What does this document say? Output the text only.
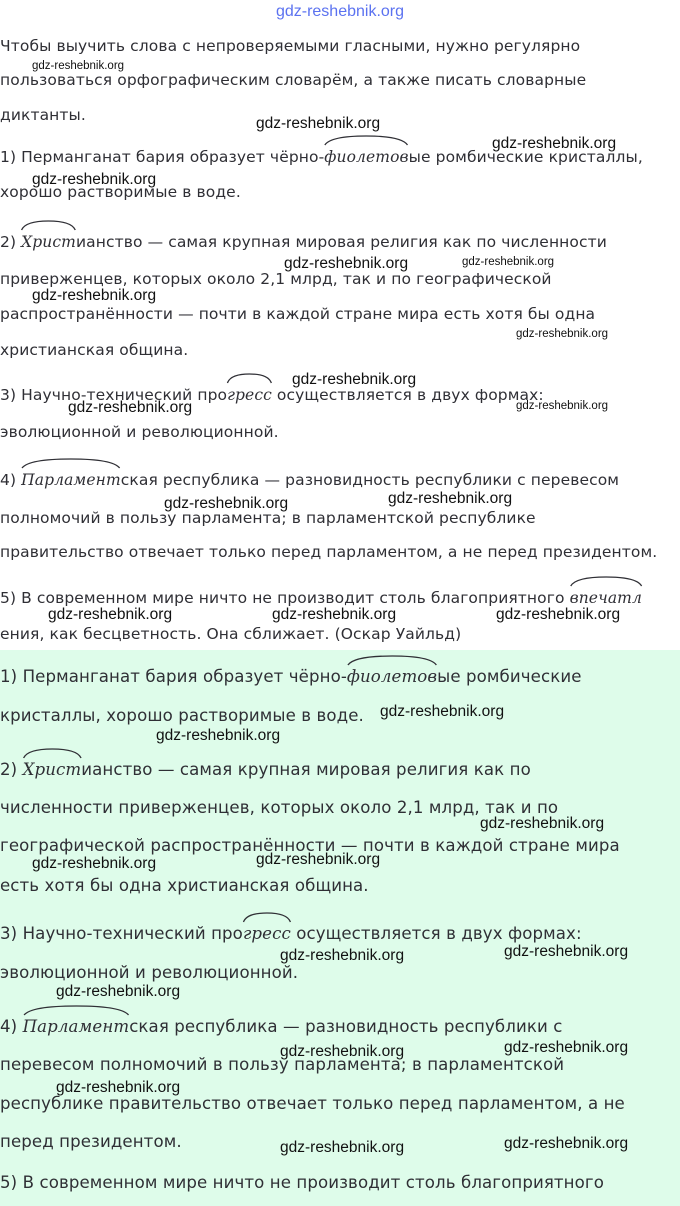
gdz-reshebnik.org
Чтобы выучить слова с непроверяемыми гласными, нужно регулярно
пользоваться орфографическим словарём, а также писать словарные
диктанты.
1) Перманганат бария образует чёрно-
фиолетовые ромбические кристаллы,
хорошо растворимые в воде.
2) Христианство — самая крупная мировая религия как по численности
приверженцев, которых около 2,1 млрд, так и по географической
распространённости — почти в каждой стране мира есть хотя бы одна
христианская община.
3) Научно-технический про
гресс осуществляется в двух формах:
эволюционной и революционной.
4) Парламентская республика — разновидность республики с перевесом
полномочий в пользу парламента; в парламентской республике
правительство отвечает только перед парламентом, а не перед президентом.
5) В современном мире ничто не производит столь благоприятного
впечатл
ения, как бесцветность. Она сближает. (Оскар Уайльд)
1) Перманганат бария образует чёрно-
фиолетовые ромбические
кристаллы, хорошо растворимые в воде.
2) Христианство — самая крупная мировая религия как по
численности приверженцев, которых около 2,1 млрд, так и по
географической распространённости — почти в каждой стране мира
есть хотя бы одна христианская община.
3) Научно-технический про
гресс осуществляется в двух формах:
эволюционной и революционной.
4) Парламентская республика — разновидность республики с
перевесом полномочий в пользу парламента; в парламентской
республике правительство отвечает только перед парламентом, а не
перед президентом.
5) В современном мире ничто не производит столь благоприятного
gdz-reshebnik.org
gdz-reshebnik.org
gdz-reshebnik.org
gdz-reshebnik.org
gdz-reshebnik.org	gdz-reshebnik.org
gdz-reshebnik.org
gdz-reshebnik.org
gdz-reshebnik.org
gdz-reshebnik.org	gdz-reshebnik.org
gdz-reshebnik.org
gdz-reshebnik.org
gdz-reshebnik.org	gdz-reshebnik.org	gdz-reshebnik.org
gdz-reshebnik.org
gdz-reshebnik.org
gdz-reshebnik.org
gdz-reshebnik.org
gdz-reshebnik.org
gdz-reshebnik.org
gdz-reshebnik.org
gdz-reshebnik.org
gdz-reshebnik.org
gdz-reshebnik.org
gdz-reshebnik.org
gdz-reshebnik.org
gdz-reshebnik.org
